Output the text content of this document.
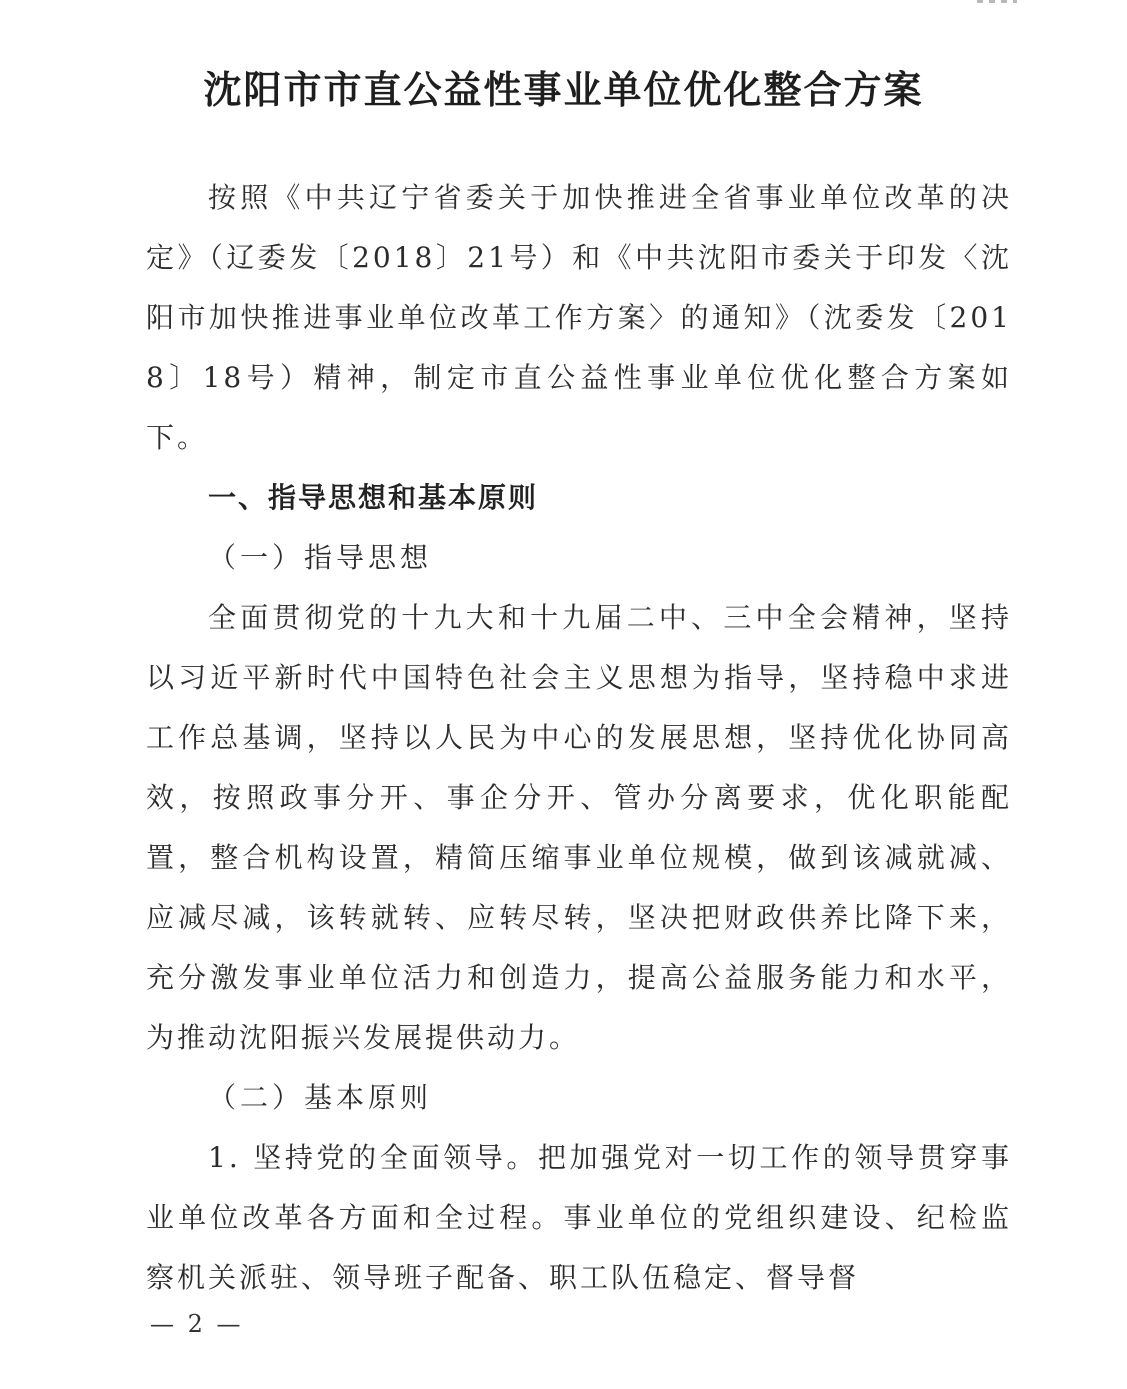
沈阳市市直公益性事业单位优化整合方案

按照《中共辽宁省委关于加快推进全省事业单位改革的决定》（辽委发〔2018〕21号）和《中共沈阳市委关于印发〈沈阳市加快推进事业单位改革工作方案〉的通知》（沈委发〔2018〕18号）精神，制定市直公益性事业单位优化整合方案如下。

一、指导思想和基本原则

（一）指导思想

全面贯彻党的十九大和十九届二中、三中全会精神，坚持以习近平新时代中国特色社会主义思想为指导，坚持稳中求进工作总基调，坚持以人民为中心的发展思想，坚持优化协同高效，按照政事分开、事企分开、管办分离要求，优化职能配置，整合机构设置，精简压缩事业单位规模，做到该减就减、应减尽减，该转就转、应转尽转，坚决把财政供养比降下来，充分激发事业单位活力和创造力，提高公益服务能力和水平，为推动沈阳振兴发展提供动力。

（二）基本原则

1. 坚持党的全面领导。把加强党对一切工作的领导贯穿事业单位改革各方面和全过程。事业单位的党组织建设、纪检监察机关派驻、领导班子配备、职工队伍稳定、督导督

— 2 —
